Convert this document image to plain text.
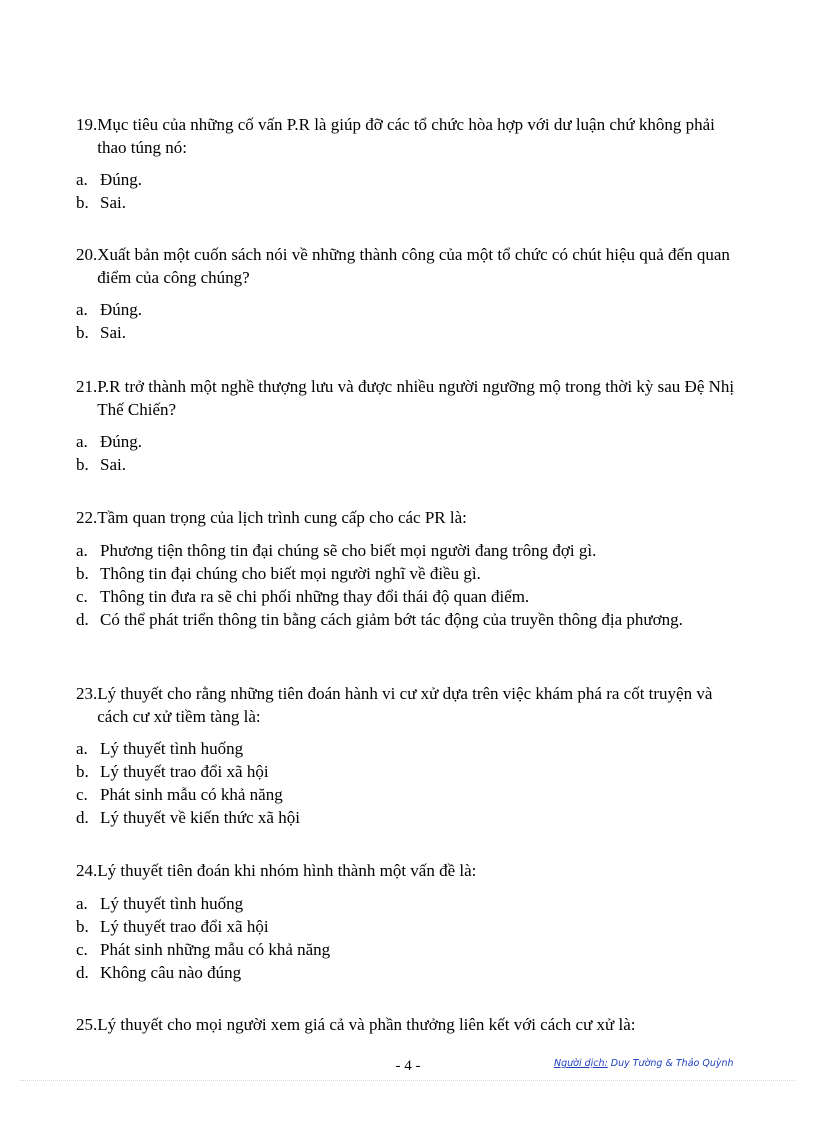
19. Mục tiêu của những cố vấn P.R là giúp đỡ các tổ chức hòa hợp với dư luận chứ không phải thao túng nó:
a. Đúng.
b. Sai.
20. Xuất bản một cuốn sách nói về những thành công của một tổ chức có chút hiệu quả đến quan điểm của công chúng?
a. Đúng.
b. Sai.
21. P.R trở thành một nghề thượng lưu và được nhiều người ngưỡng mộ trong thời kỳ sau Đệ Nhị Thế Chiến?
a. Đúng.
b. Sai.
22. Tầm quan trọng của lịch trình cung cấp cho các PR là:
a. Phương tiện thông tin đại chúng sẽ cho biết mọi người đang trông đợi gì.
b. Thông tin đại chúng cho biết mọi người nghĩ về điều gì.
c. Thông tin đưa ra sẽ chi phối những thay đổi thái độ quan điểm.
d. Có thể phát triển thông tin bằng cách giảm bớt tác động của truyền thông địa phương.
23. Lý thuyết cho rằng những tiên đoán hành vi cư xử dựa trên việc khám phá ra cốt truyện và cách cư xử tiềm tàng là:
a. Lý thuyết tình huống
b. Lý thuyết trao đổi xã hội
c. Phát sinh mẫu có khả năng
d. Lý thuyết về kiến thức xã hội
24. Lý thuyết tiên đoán khi nhóm hình thành một vấn đề là:
a. Lý thuyết tình huống
b. Lý thuyết trao đổi xã hội
c. Phát sinh những mẫu có khả năng
d. Không câu nào đúng
25. Lý thuyết cho mọi người xem giá cả và phần thưởng liên kết với cách cư xử là:
- 4 -	Người dịch: Duy Tường & Thảo Quỳnh
